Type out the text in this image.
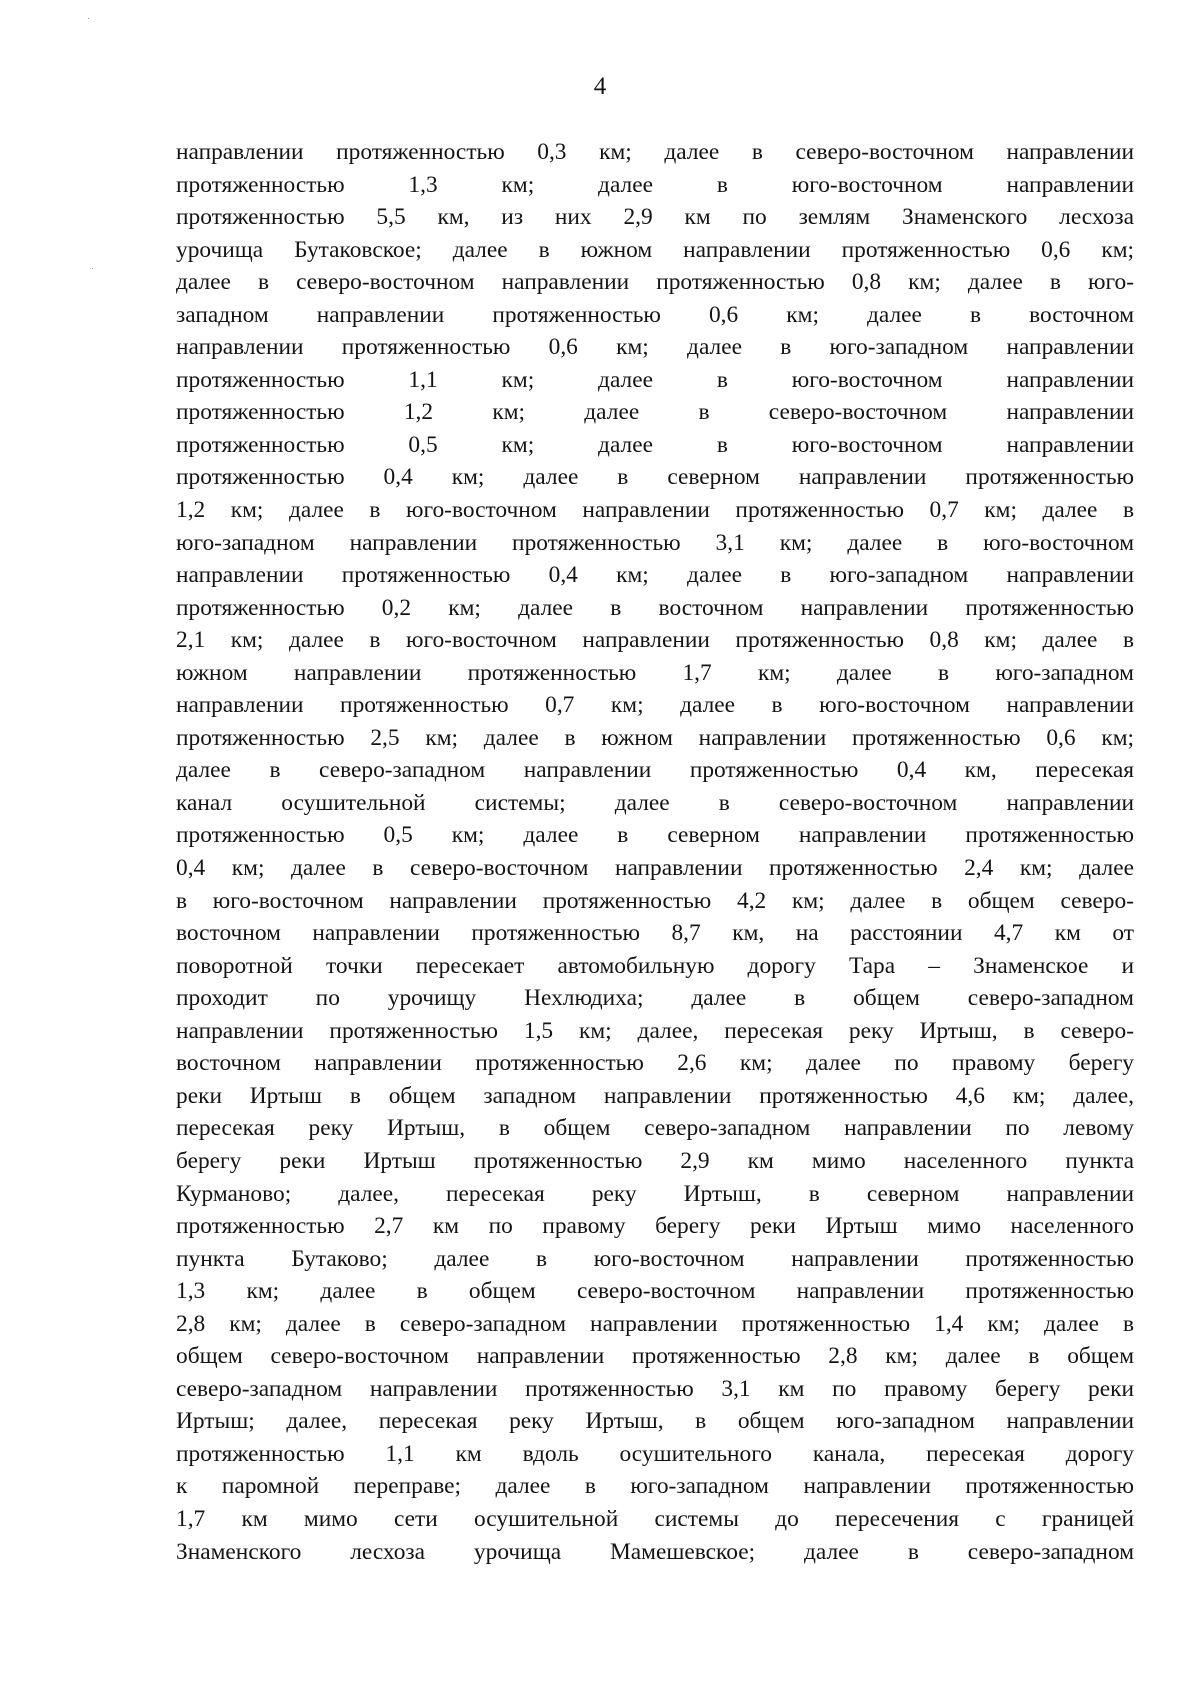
4
направлении протяженностью 0,3 км; далее в северо-восточном направлении
протяженностью 1,3 км; далее в юго-восточном направлении
протяженностью 5,5 км, из них 2,9 км по землям Знаменского лесхоза
урочища Бутаковское; далее в южном направлении протяженностью 0,6 км;
далее в северо-восточном направлении протяженностью 0,8 км; далее в юго-
западном направлении протяженностью 0,6 км; далее в восточном
направлении протяженностью 0,6 км; далее в юго-западном направлении
протяженностью 1,1 км; далее в юго-восточном направлении
протяженностью 1,2 км; далее в северо-восточном направлении
протяженностью 0,5 км; далее в юго-восточном направлении
протяженностью 0,4 км; далее в северном направлении протяженностью
1,2 км; далее в юго-восточном направлении протяженностью 0,7 км; далее в
юго-западном направлении протяженностью 3,1 км; далее в юго-восточном
направлении протяженностью 0,4 км; далее в юго-западном направлении
протяженностью 0,2 км; далее в восточном направлении протяженностью
2,1 км; далее в юго-восточном направлении протяженностью 0,8 км; далее в
южном направлении протяженностью 1,7 км; далее в юго-западном
направлении протяженностью 0,7 км; далее в юго-восточном направлении
протяженностью 2,5 км; далее в южном направлении протяженностью 0,6 км;
далее в северо-западном направлении протяженностью 0,4 км, пересекая
канал осушительной системы; далее в северо-восточном направлении
протяженностью 0,5 км; далее в северном направлении протяженностью
0,4 км; далее в северо-восточном направлении протяженностью 2,4 км; далее
в юго-восточном направлении протяженностью 4,2 км; далее в общем северо-
восточном направлении протяженностью 8,7 км, на расстоянии 4,7 км от
поворотной точки пересекает автомобильную дорогу Тара – Знаменское и
проходит по урочищу Нехлюдиха; далее в общем северо-западном
направлении протяженностью 1,5 км; далее, пересекая реку Иртыш, в северо-
восточном направлении протяженностью 2,6 км; далее по правому берегу
реки Иртыш в общем западном направлении протяженностью 4,6 км; далее,
пересекая реку Иртыш, в общем северо-западном направлении по левому
берегу реки Иртыш протяженностью 2,9 км мимо населенного пункта
Курманово; далее, пересекая реку Иртыш, в северном направлении
протяженностью 2,7 км по правому берегу реки Иртыш мимо населенного
пункта Бутаково; далее в юго-восточном направлении протяженностью
1,3 км; далее в общем северо-восточном направлении протяженностью
2,8 км; далее в северо-западном направлении протяженностью 1,4 км; далее в
общем северо-восточном направлении протяженностью 2,8 км; далее в общем
северо-западном направлении протяженностью 3,1 км по правому берегу реки
Иртыш; далее, пересекая реку Иртыш, в общем юго-западном направлении
протяженностью 1,1 км вдоль осушительного канала, пересекая дорогу
к паромной переправе; далее в юго-западном направлении протяженностью
1,7 км мимо сети осушительной системы до пересечения с границей
Знаменского лесхоза урочища Мамешевское; далее в северо-западном
